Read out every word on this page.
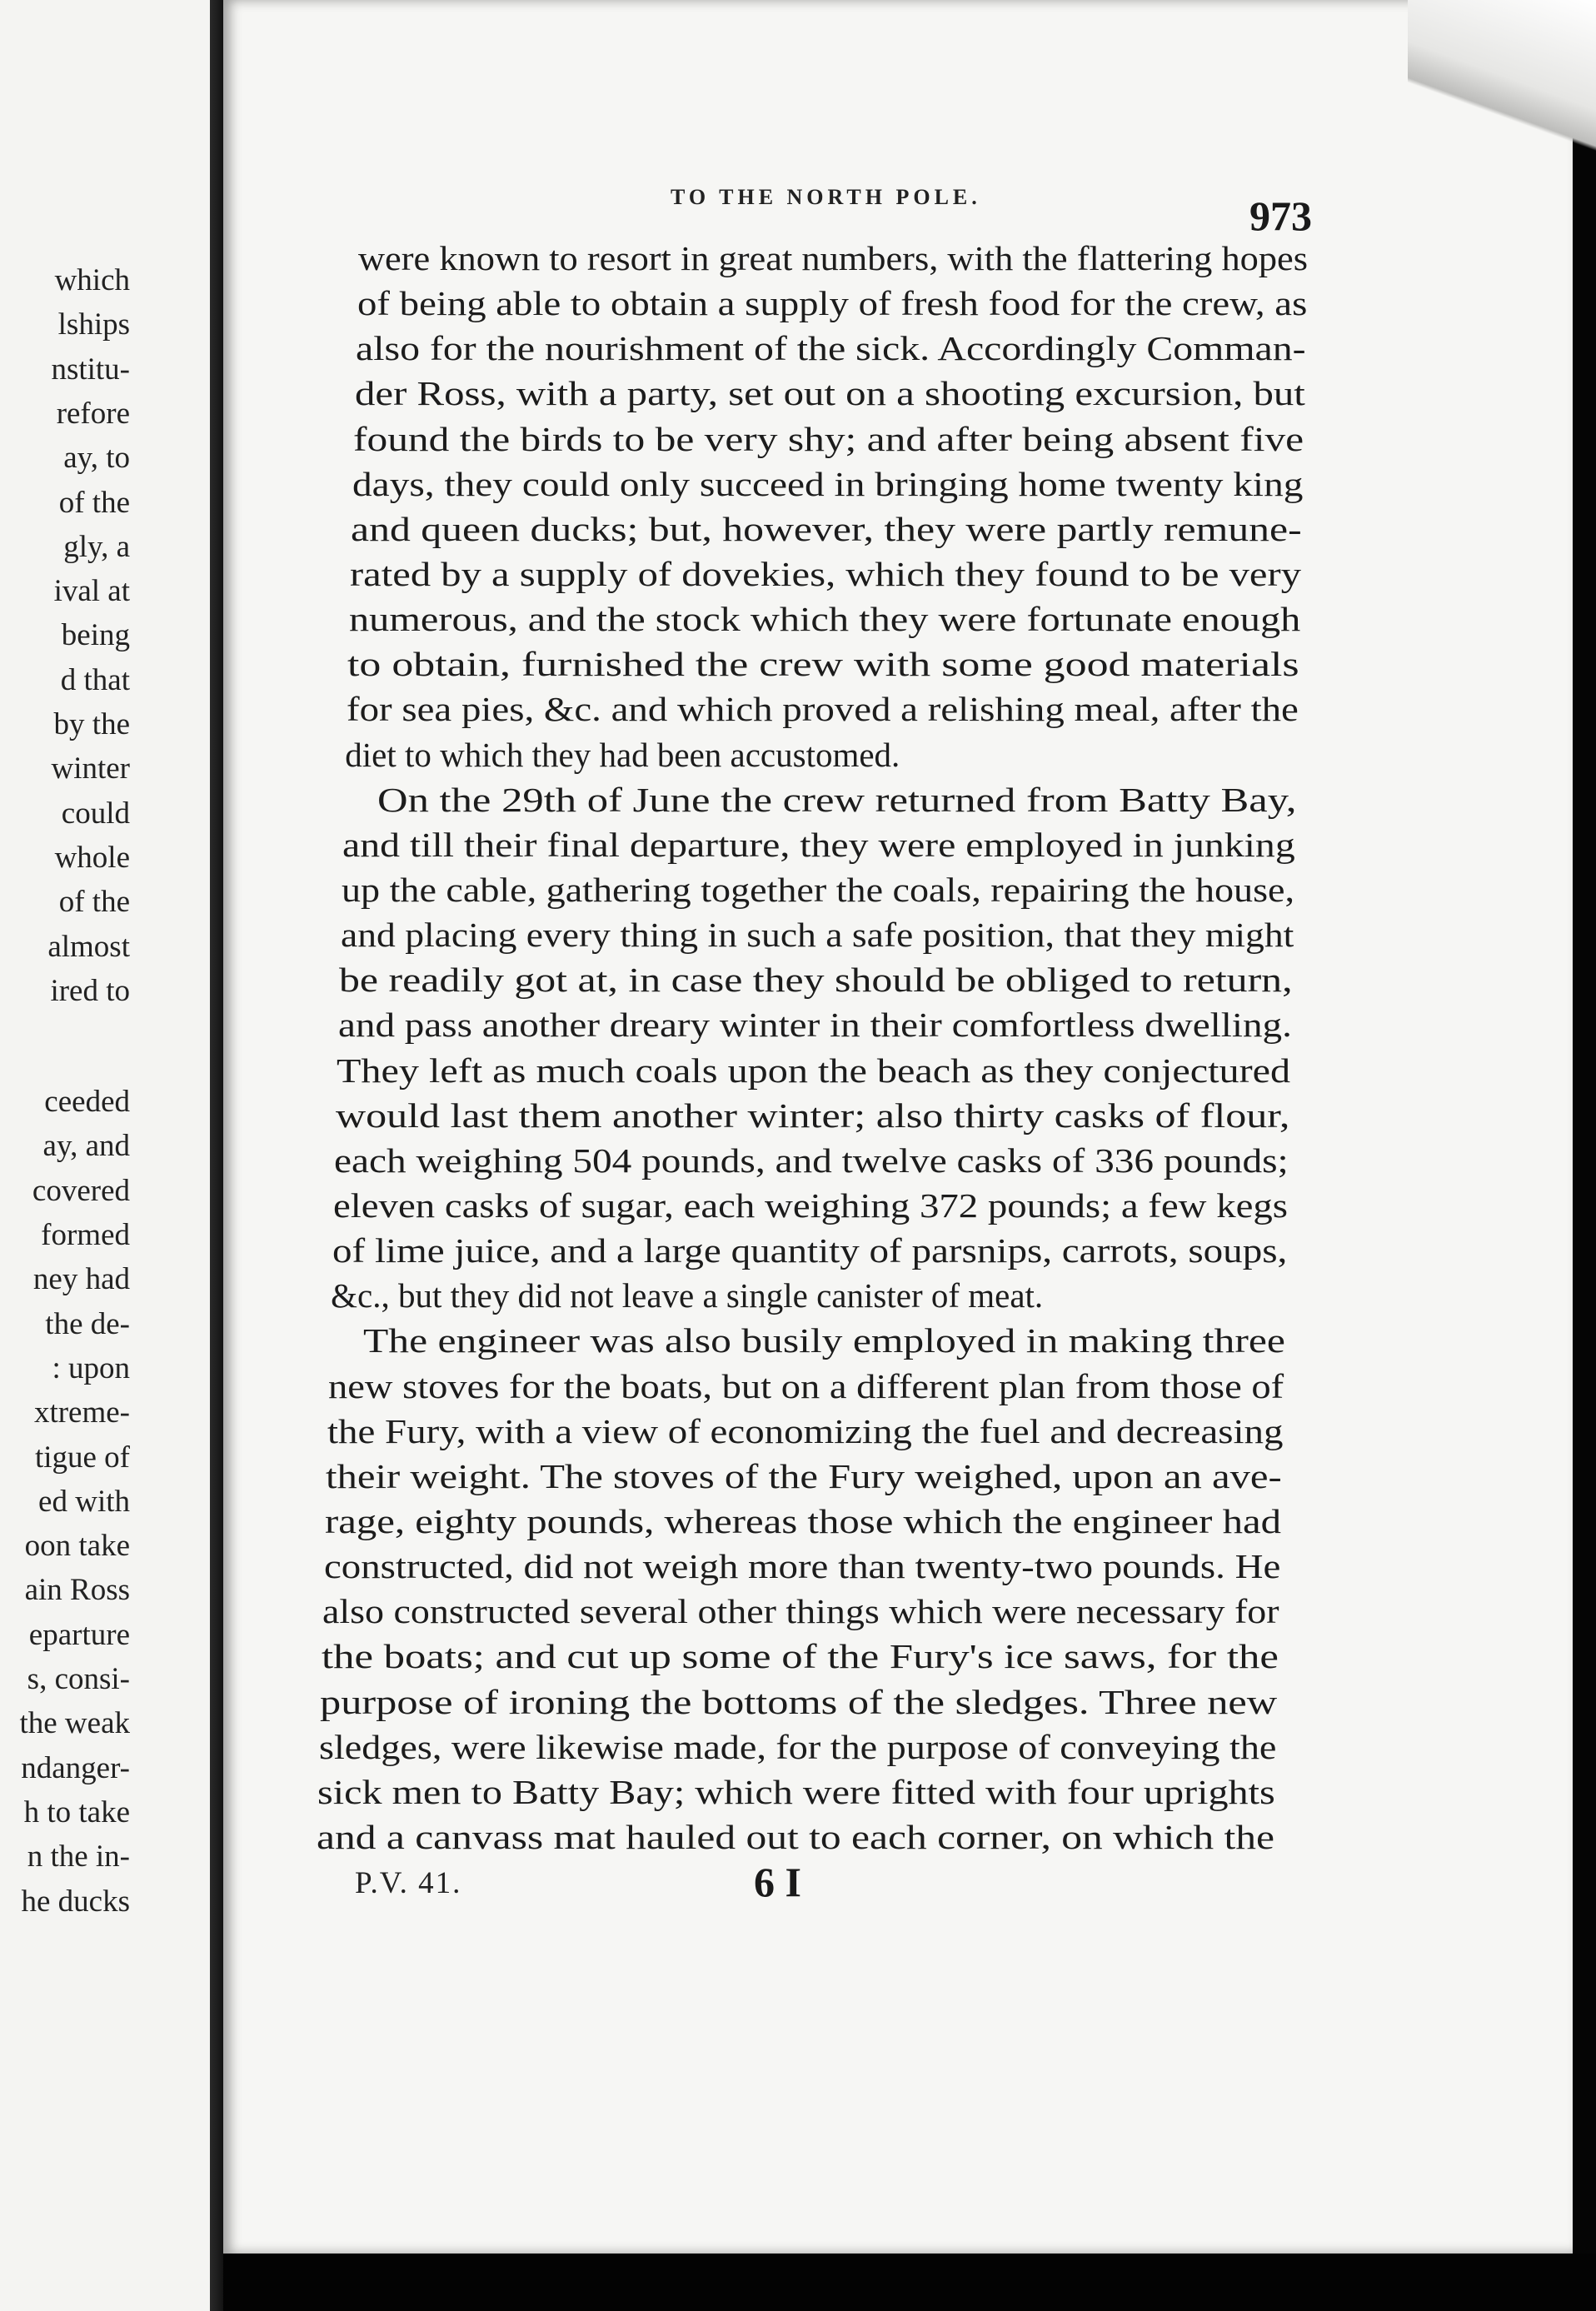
which
lships
nstitu-
refore
ay, to
of the
gly, a
ival at
being
d that
by the
winter
could
whole
of the
almost
ired to
ceeded
ay, and
covered
formed
ney had
the de-
: upon
xtreme-
tigue of
ed with
oon take
ain Ross
eparture
s, consi-
the weak
ndanger-
h to take
n the in-
he ducks
TO THE NORTH POLE.	973
were known to resort in great numbers, with the flattering hopes
of being able to obtain a supply of fresh food for the crew, as
also for the nourishment of the sick. Accordingly Comman-
der Ross, with a party, set out on a shooting excursion, but
found the birds to be very shy; and after being absent five
days, they could only succeed in bringing home twenty king
and queen ducks; but, however, they were partly remune-
rated by a supply of dovekies, which they found to be very
numerous, and the stock which they were fortunate enough
to obtain, furnished the crew with some good materials
for sea pies, &c. and which proved a relishing meal, after the
diet to which they had been accustomed.
On the 29th of June the crew returned from Batty Bay,
and till their final departure, they were employed in junking
up the cable, gathering together the coals, repairing the house,
and placing every thing in such a safe position, that they might
be readily got at, in case they should be obliged to return,
and pass another dreary winter in their comfortless dwelling.
They left as much coals upon the beach as they conjectured
would last them another winter; also thirty casks of flour,
each weighing 504 pounds, and twelve casks of 336 pounds;
eleven casks of sugar, each weighing 372 pounds; a few kegs
of lime juice, and a large quantity of parsnips, carrots, soups,
&c., but they did not leave a single canister of meat.
The engineer was also busily employed in making three
new stoves for the boats, but on a different plan from those of
the Fury, with a view of economizing the fuel and decreasing
their weight. The stoves of the Fury weighed, upon an ave-
rage, eighty pounds, whereas those which the engineer had
constructed, did not weigh more than twenty-two pounds. He
also constructed several other things which were necessary for
the boats; and cut up some of the Fury's ice saws, for the
purpose of ironing the bottoms of the sledges. Three new
sledges, were likewise made, for the purpose of conveying the
sick men to Batty Bay; which were fitted with four uprights
and a canvass mat hauled out to each corner, on which the
P.V. 41.	6 I
